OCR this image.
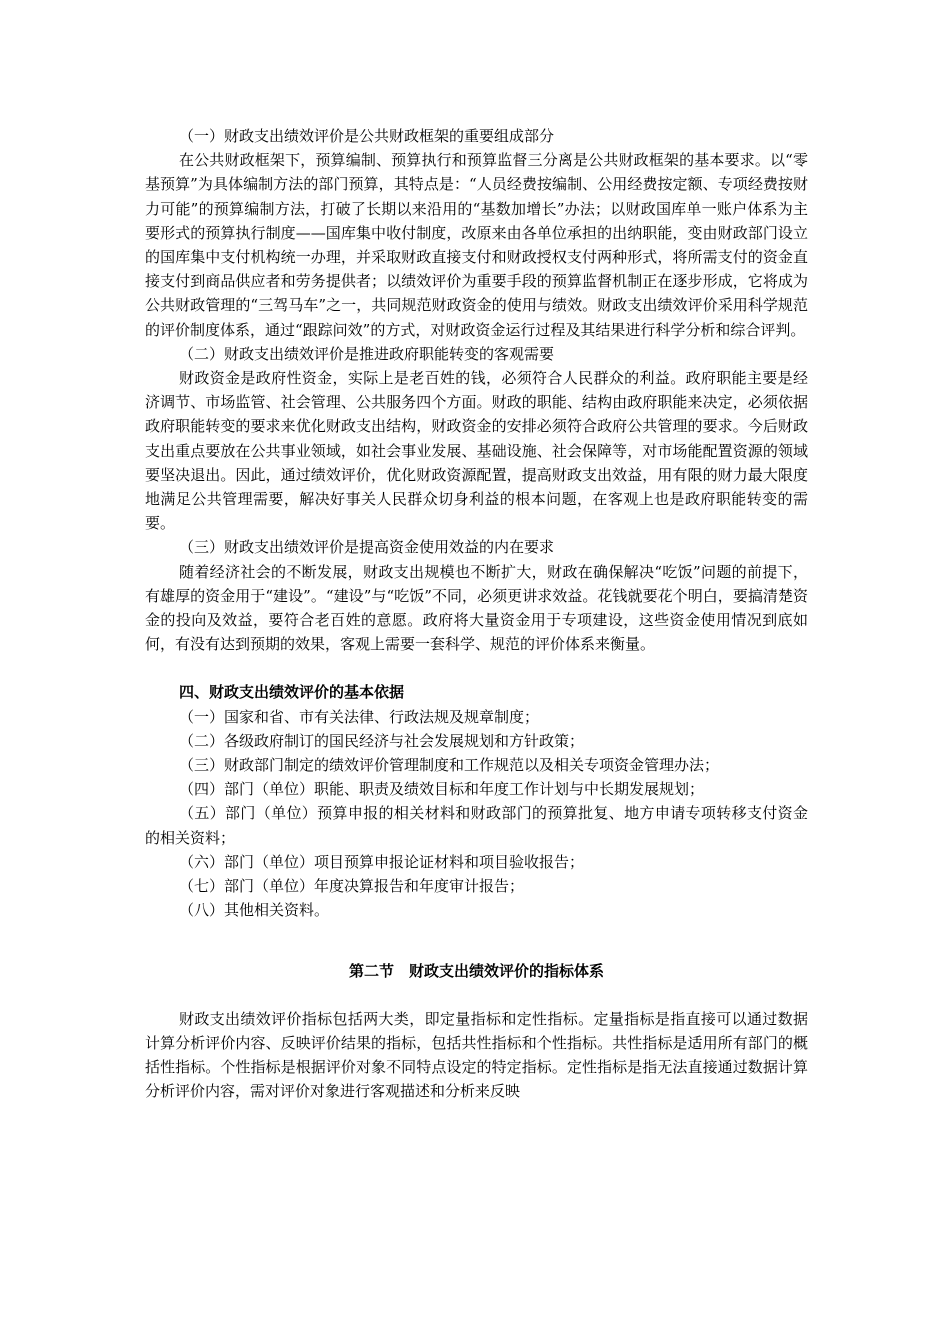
（一）财政支出绩效评价是公共财政框架的重要组成部分

在公共财政框架下，预算编制、预算执行和预算监督三分离是公共财政框架的基本要求。以“零基预算”为具体编制方法的部门预算，其特点是：“人员经费按编制、公用经费按定额、专项经费按财力可能”的预算编制方法，打破了长期以来沿用的“基数加增长”办法；以财政国库单一账户体系为主要形式的预算执行制度——国库集中收付制度，改原来由各单位承担的出纳职能，变由财政部门设立的国库集中支付机构统一办理，并采取财政直接支付和财政授权支付两种形式，将所需支付的资金直接支付到商品供应者和劳务提供者；以绩效评价为重要手段的预算监督机制正在逐步形成，它将成为公共财政管理的“三驾马车”之一，共同规范财政资金的使用与绩效。财政支出绩效评价采用科学规范的评价制度体系，通过“跟踪问效”的方式，对财政资金运行过程及其结果进行科学分析和综合评判。

（二）财政支出绩效评价是推进政府职能转变的客观需要

财政资金是政府性资金，实际上是老百姓的钱，必须符合人民群众的利益。政府职能主要是经济调节、市场监管、社会管理、公共服务四个方面。财政的职能、结构由政府职能来决定，必须依据政府职能转变的要求来优化财政支出结构，财政资金的安排必须符合政府公共管理的要求。今后财政支出重点要放在公共事业领域，如社会事业发展、基础设施、社会保障等，对市场能配置资源的领域要坚决退出。因此，通过绩效评价，优化财政资源配置，提高财政支出效益，用有限的财力最大限度地满足公共管理需要，解决好事关人民群众切身利益的根本问题，在客观上也是政府职能转变的需要。

（三）财政支出绩效评价是提高资金使用效益的内在要求

随着经济社会的不断发展，财政支出规模也不断扩大，财政在确保解决“吃饭”问题的前提下，有雄厚的资金用于“建设”。“建设”与“吃饭”不同，必须更讲求效益。花钱就要花个明白，要搞清楚资金的投向及效益，要符合老百姓的意愿。政府将大量资金用于专项建设，这些资金使用情况到底如何，有没有达到预期的效果，客观上需要一套科学、规范的评价体系来衡量。

四、财政支出绩效评价的基本依据

（一）国家和省、市有关法律、行政法规及规章制度；

（二）各级政府制订的国民经济与社会发展规划和方针政策；

（三）财政部门制定的绩效评价管理制度和工作规范以及相关专项资金管理办法；

（四）部门（单位）职能、职责及绩效目标和年度工作计划与中长期发展规划；

（五）部门（单位）预算申报的相关材料和财政部门的预算批复、地方申请专项转移支付资金的相关资料；

（六）部门（单位）项目预算申报论证材料和项目验收报告；

（七）部门（单位）年度决算报告和年度审计报告；

（八）其他相关资料。

第二节　财政支出绩效评价的指标体系

财政支出绩效评价指标包括两大类，即定量指标和定性指标。定量指标是指直接可以通过数据计算分析评价内容、反映评价结果的指标，包括共性指标和个性指标。共性指标是适用所有部门的概括性指标。个性指标是根据评价对象不同特点设定的特定指标。定性指标是指无法直接通过数据计算分析评价内容，需对评价对象进行客观描述和分析来反映
